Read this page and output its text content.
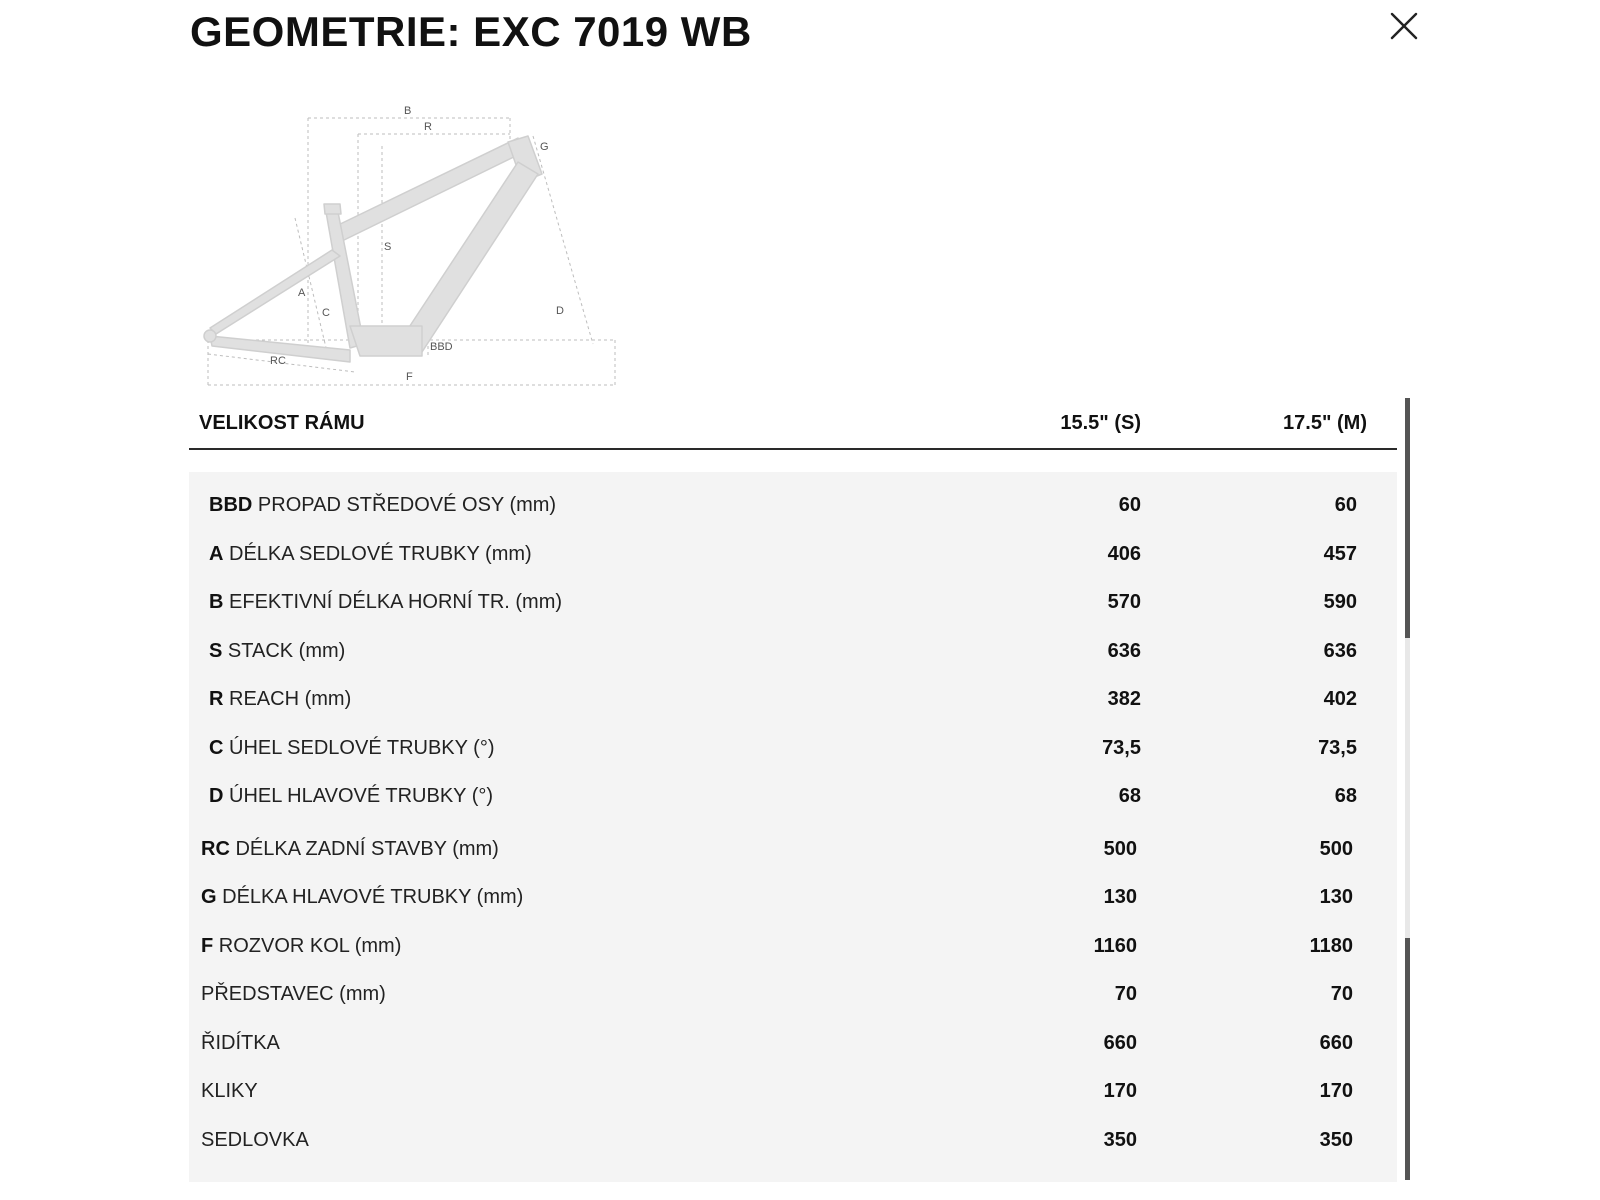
GEOMETRIE: EXC 7019 WB
B
R
G
S
A
C	D
BBD
RC
F
VELIKOST RÁMU	15.5" (S)	17.5" (M)
BBD PROPAD STŘEDOVÉ OSY (mm)	60	60
A DÉLKA SEDLOVÉ TRUBKY (mm)	406	457
B EFEKTIVNÍ DÉLKA HORNÍ TR. (mm)	570	590
S STACK (mm)	636	636
R REACH (mm)	382	402
C ÚHEL SEDLOVÉ TRUBKY (°)	73,5	73,5
D ÚHEL HLAVOVÉ TRUBKY (°)	68	68
RC DÉLKA ZADNÍ STAVBY (mm)	500	500
G DÉLKA HLAVOVÉ TRUBKY (mm)	130	130
F ROZVOR KOL (mm)	1160	1180
PŘEDSTAVEC (mm)	70	70
ŘIDÍTKA	660	660
KLIKY	170	170
SEDLOVKA	350	350
